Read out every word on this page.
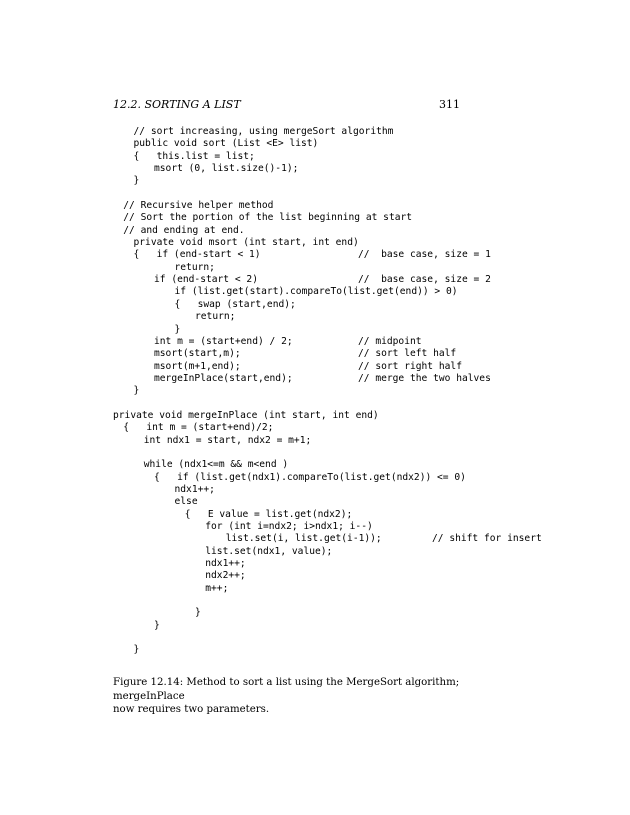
12.2. SORTING A LIST	311
// sort increasing, using mergeSort algorithm
public void sort (List <E> list)
{   this.list = list;
msort (0, list.size()-1);
}
// Recursive helper method
// Sort the portion of the list beginning at start
// and ending at end.
private void msort (int start, int end)
{   if (end-start < 1)	//  base case, size = 1
return;
if (end-start < 2)	//  base case, size = 2
if (list.get(start).compareTo(list.get(end)) > 0)
{   swap (start,end);
return;
}
int m = (start+end) / 2;	// midpoint
msort(start,m);	// sort left half
msort(m+1,end);	// sort right half
mergeInPlace(start,end);	// merge the two halves
}
private void mergeInPlace (int start, int end)
{   int m = (start+end)/2;
int ndx1 = start, ndx2 = m+1;
while (ndx1<=m && m<end )
{   if (list.get(ndx1).compareTo(list.get(ndx2)) <= 0)
ndx1++;
else
{   E value = list.get(ndx2);
for (int i=ndx2; i>ndx1; i--)
list.set(i, list.get(i-1));	// shift for insert
list.set(ndx1, value);
ndx1++;
ndx2++;
m++;
}
}
}
Figure 12.14: Method to sort a list using the MergeSort algorithm; mergeInPlace
now requires two parameters.
